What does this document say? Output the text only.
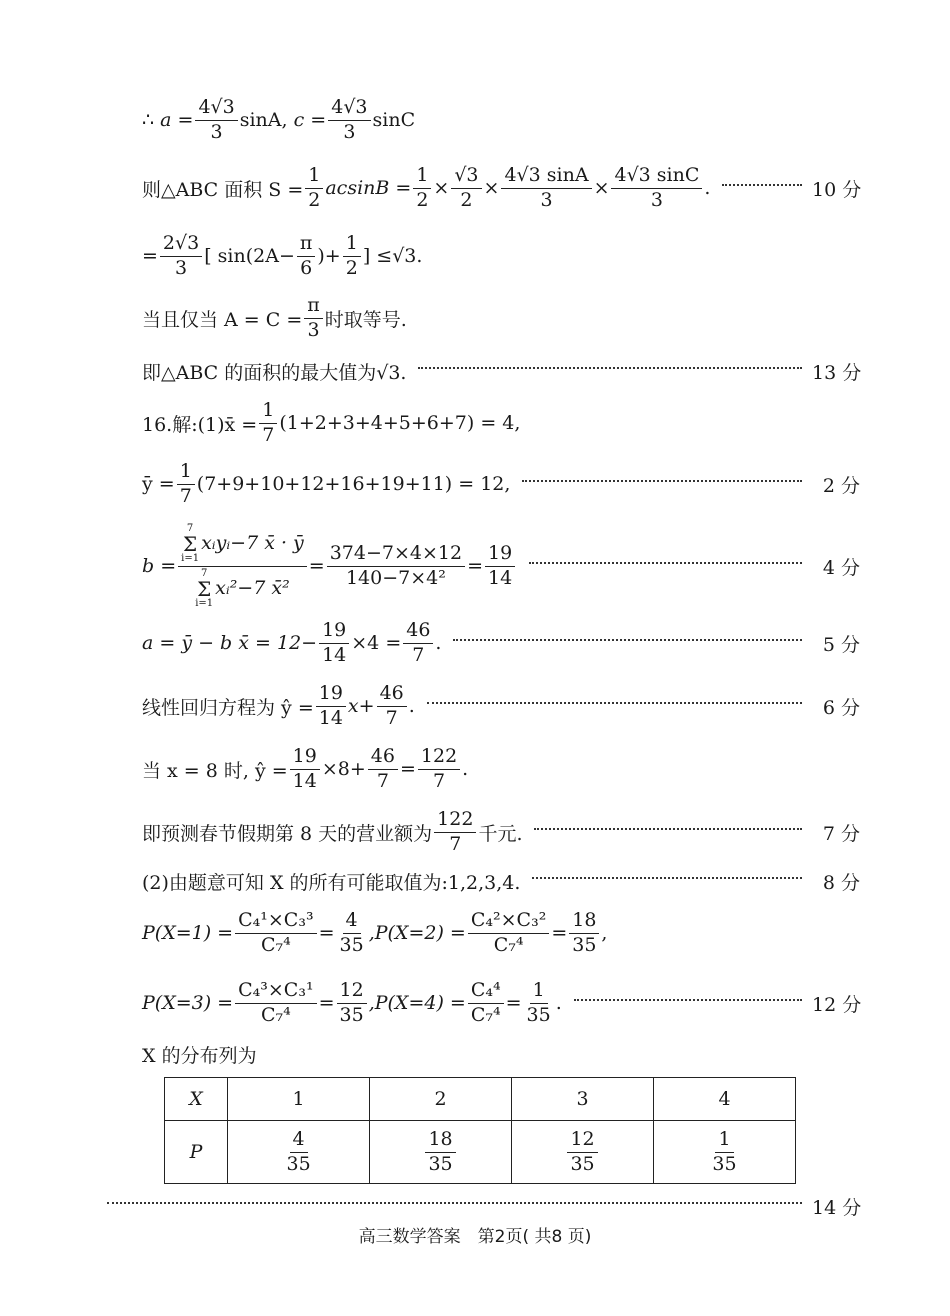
∴
$a = \frac{4√3}{3}$ sinA ,
$c = \frac{4√3}{3}$ sinC
则△ABC 面积 $S = \frac{1}{2}$ $acsinB = \frac{1}{2} \times \frac{√3}{2} \times \frac{4√3 \sin A}{3} \times \frac{4√3 \sin C}{3}$ .	10 分
= $\frac{2√3}{3}$ [ $\sin(2A- \frac{\pi}{6}$ )+ $\frac{1}{2}$ ] ≤√3.
当且仅当 $A = C = \frac{\pi}{3}$ 时取等号.
即△ABC 的面积的最大值为√3.	13 分
16.解:(1)x̄ = $\frac{1}{7} (1+2+3+4+5+6+7) = 4$,
ȳ = $\frac{1}{7} (7+9+10+12+16+19+11) = 12$,	2 分
b = 7
Σ
i=1
xᵢyᵢ−7 x̄ · ȳ
7
Σ
i=1
xᵢ²−7 x̄² = $\frac{374-7\times 4\times 12}{\text{140−7×4²}} = \frac{19}{14}$	4 分
a = ȳ − b x̄ = $12- \frac{19}{14} \times 4 = \frac{46}{7}$ .	5 分
线性回归方程为 ŷ = $\frac{19}{14} x+ \frac{46}{7}$ .	6 分
当 x = 8 时, ŷ = $\frac{19}{14} \times 8+ \frac{46}{7} = \frac{122}{7}$ .
即预测春节假期第 8 天的营业额为 $\frac{122}{7}$ 千元.	7 分
(2)由题意可知 X 的所有可能取值为:1,2,3,4.	8 分
$P(X=1) = \frac{\text{C₄¹×C₃³}}{\text{C₇⁴}} = \frac{4}{35} ,P(X=2) = \frac{\text{C₄²×C₃²}}{\text{C₇⁴}} = \frac{18}{35}$ ,
$P(X=3) = \frac{\text{C₄³×C₃¹}}{\text{C₇⁴}} = \frac{12}{35} ,P(X=4) = \frac{\text{C₄⁴}}{\text{C₇⁴}} = \frac{1}{35}$ .	12 分
X 的分布列为
X	1	2	3	4
P	$\frac{4}{35}$	$\frac{18}{35}$	$\frac{12}{35}$	$\frac{1}{35}$
14 分
高三数学答案　第2页( 共8 页)
